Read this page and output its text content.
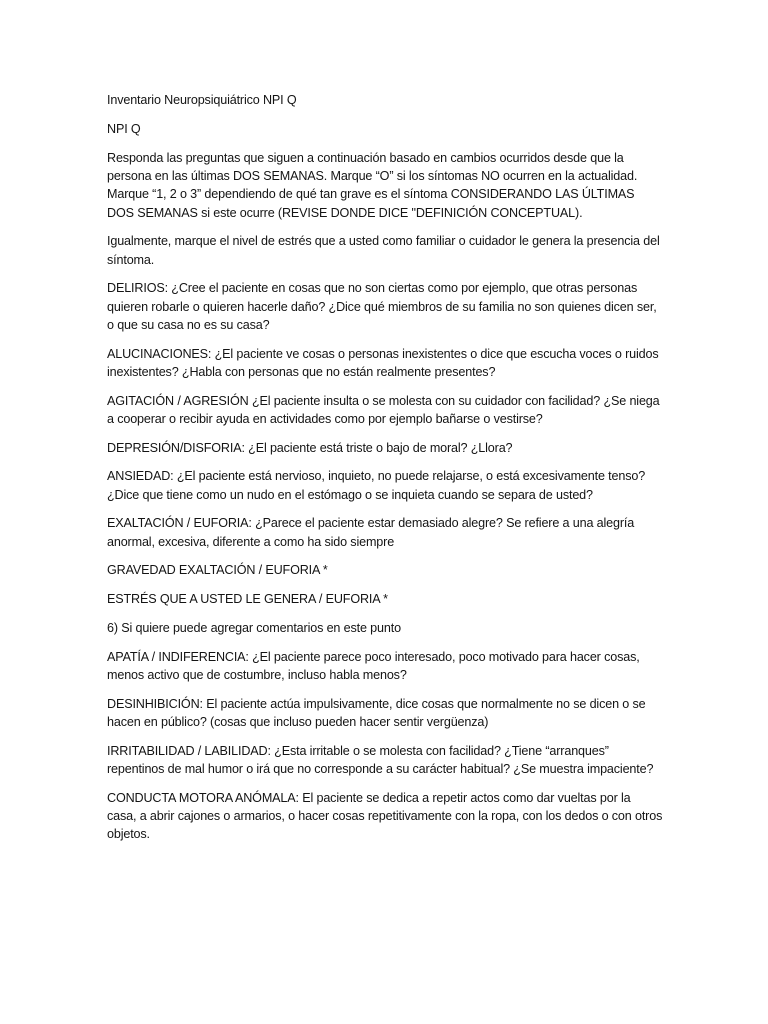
Inventario Neuropsiquiátrico NPI Q

NPI Q

Responda las preguntas que siguen a continuación basado en cambios ocurridos desde que la persona en las últimas DOS SEMANAS. Marque “O” si los síntomas NO ocurren en la actualidad. Marque “1, 2 o 3” dependiendo de qué tan grave es el síntoma CONSIDERANDO LAS ÚLTIMAS DOS SEMANAS si este ocurre (REVISE DONDE DICE "DEFINICIÓN CONCEPTUAL).

Igualmente, marque el nivel de estrés que a usted como familiar o cuidador le genera la presencia del síntoma.

DELIRIOS: ¿Cree el paciente en cosas que no son ciertas como por ejemplo, que otras personas quieren robarle o quieren hacerle daño? ¿Dice qué miembros de su familia no son quienes dicen ser, o que su casa no es su casa?

ALUCINACIONES: ¿El paciente ve cosas o personas inexistentes o dice que escucha voces o ruidos inexistentes? ¿Habla con personas que no están realmente presentes?

AGITACIÓN / AGRESIÓN ¿El paciente insulta o se molesta con su cuidador con facilidad? ¿Se niega a cooperar o recibir ayuda en actividades como por ejemplo bañarse o vestirse?

DEPRESIÓN/DISFORIA: ¿El paciente está triste o bajo de moral? ¿Llora?

ANSIEDAD: ¿El paciente está nervioso, inquieto, no puede relajarse, o está excesivamente tenso? ¿Dice que tiene como un nudo en el estómago o se inquieta cuando se separa de usted?

EXALTACIÓN / EUFORIA: ¿Parece el paciente estar demasiado alegre? Se refiere a una alegría anormal, excesiva, diferente a como ha sido siempre

GRAVEDAD EXALTACIÓN / EUFORIA *

ESTRÉS QUE A USTED LE GENERA / EUFORIA *

6) Si quiere puede agregar comentarios en este punto

APATÍA / INDIFERENCIA: ¿El paciente parece poco interesado, poco motivado para hacer cosas, menos activo que de costumbre, incluso habla menos?

DESINHIBICIÓN: El paciente actúa impulsivamente, dice cosas que normalmente no se dicen o se hacen en público? (cosas que incluso pueden hacer sentir vergüenza)

IRRITABILIDAD / LABILIDAD: ¿Esta irritable o se molesta con facilidad? ¿Tiene “arranques” repentinos de mal humor o irá que no corresponde a su carácter habitual? ¿Se muestra impaciente?

CONDUCTA MOTORA ANÓMALA: El paciente se dedica a repetir actos como dar vueltas por la casa, a abrir cajones o armarios, o hacer cosas repetitivamente con la ropa, con los dedos o con otros objetos.
